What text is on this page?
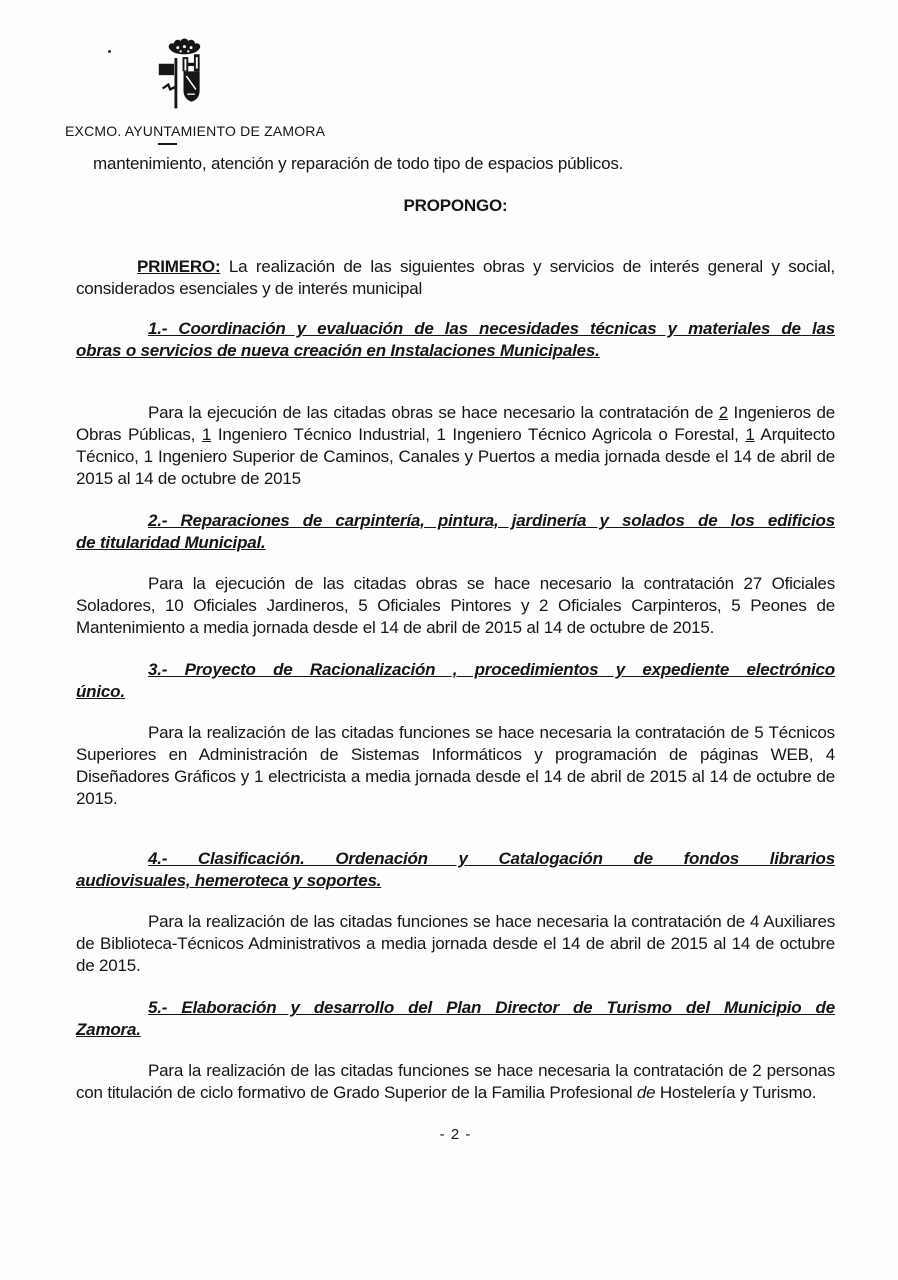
EXCMO. AYUNTAMIENTO DE ZAMORA

mantenimiento, atención y reparación de todo tipo de espacios públicos.

PROPONGO:

PRIMERO: La realización de las siguientes obras y servicios de interés general y social, considerados esenciales y de interés municipal

1.- Coordinación y evaluación de las necesidades técnicas y materiales de las
obras o servicios de nueva creación en Instalaciones Municipales.

Para la ejecución de las citadas obras se hace necesario la contratación de 2 Ingenieros de Obras Públicas, 1 Ingeniero Técnico Industrial, 1 Ingeniero Técnico Agricola o Forestal, 1 Arquitecto Técnico, 1 Ingeniero Superior de Caminos, Canales y Puertos a media jornada desde el 14 de abril de 2015 al 14 de octubre de 2015

2.- Reparaciones de carpintería, pintura, jardinería y solados de los edificios
de titularidad Municipal.

Para la ejecución de las citadas obras se hace necesario la contratación 27 Oficiales Soladores, 10 Oficiales Jardineros, 5 Oficiales Pintores y 2 Oficiales Carpinteros, 5 Peones de Mantenimiento a media jornada desde el 14 de abril de 2015 al 14 de octubre de 2015.

3.- Proyecto de Racionalización , procedimientos y expediente electrónico
único.

Para la realización de las citadas funciones se hace necesaria la contratación de 5 Técnicos Superiores en Administración de Sistemas Informáticos y programación de páginas WEB, 4 Diseñadores Gráficos y 1 electricista a media jornada desde el 14 de abril de 2015 al 14 de octubre de 2015.

4.- Clasificación. Ordenación y Catalogación de fondos librarios
audiovisuales, hemeroteca y soportes.

Para la realización de las citadas funciones se hace necesaria la contratación de 4 Auxiliares de Biblioteca-Técnicos Administrativos a media jornada desde el 14 de abril de 2015 al 14 de octubre de 2015.

5.- Elaboración y desarrollo del Plan Director de Turismo del Municipio de
Zamora.

Para la realización de las citadas funciones se hace necesaria la contratación de 2 personas con titulación de ciclo formativo de Grado Superior de la Familia Profesional de Hostelería y Turismo.

- 2 -
